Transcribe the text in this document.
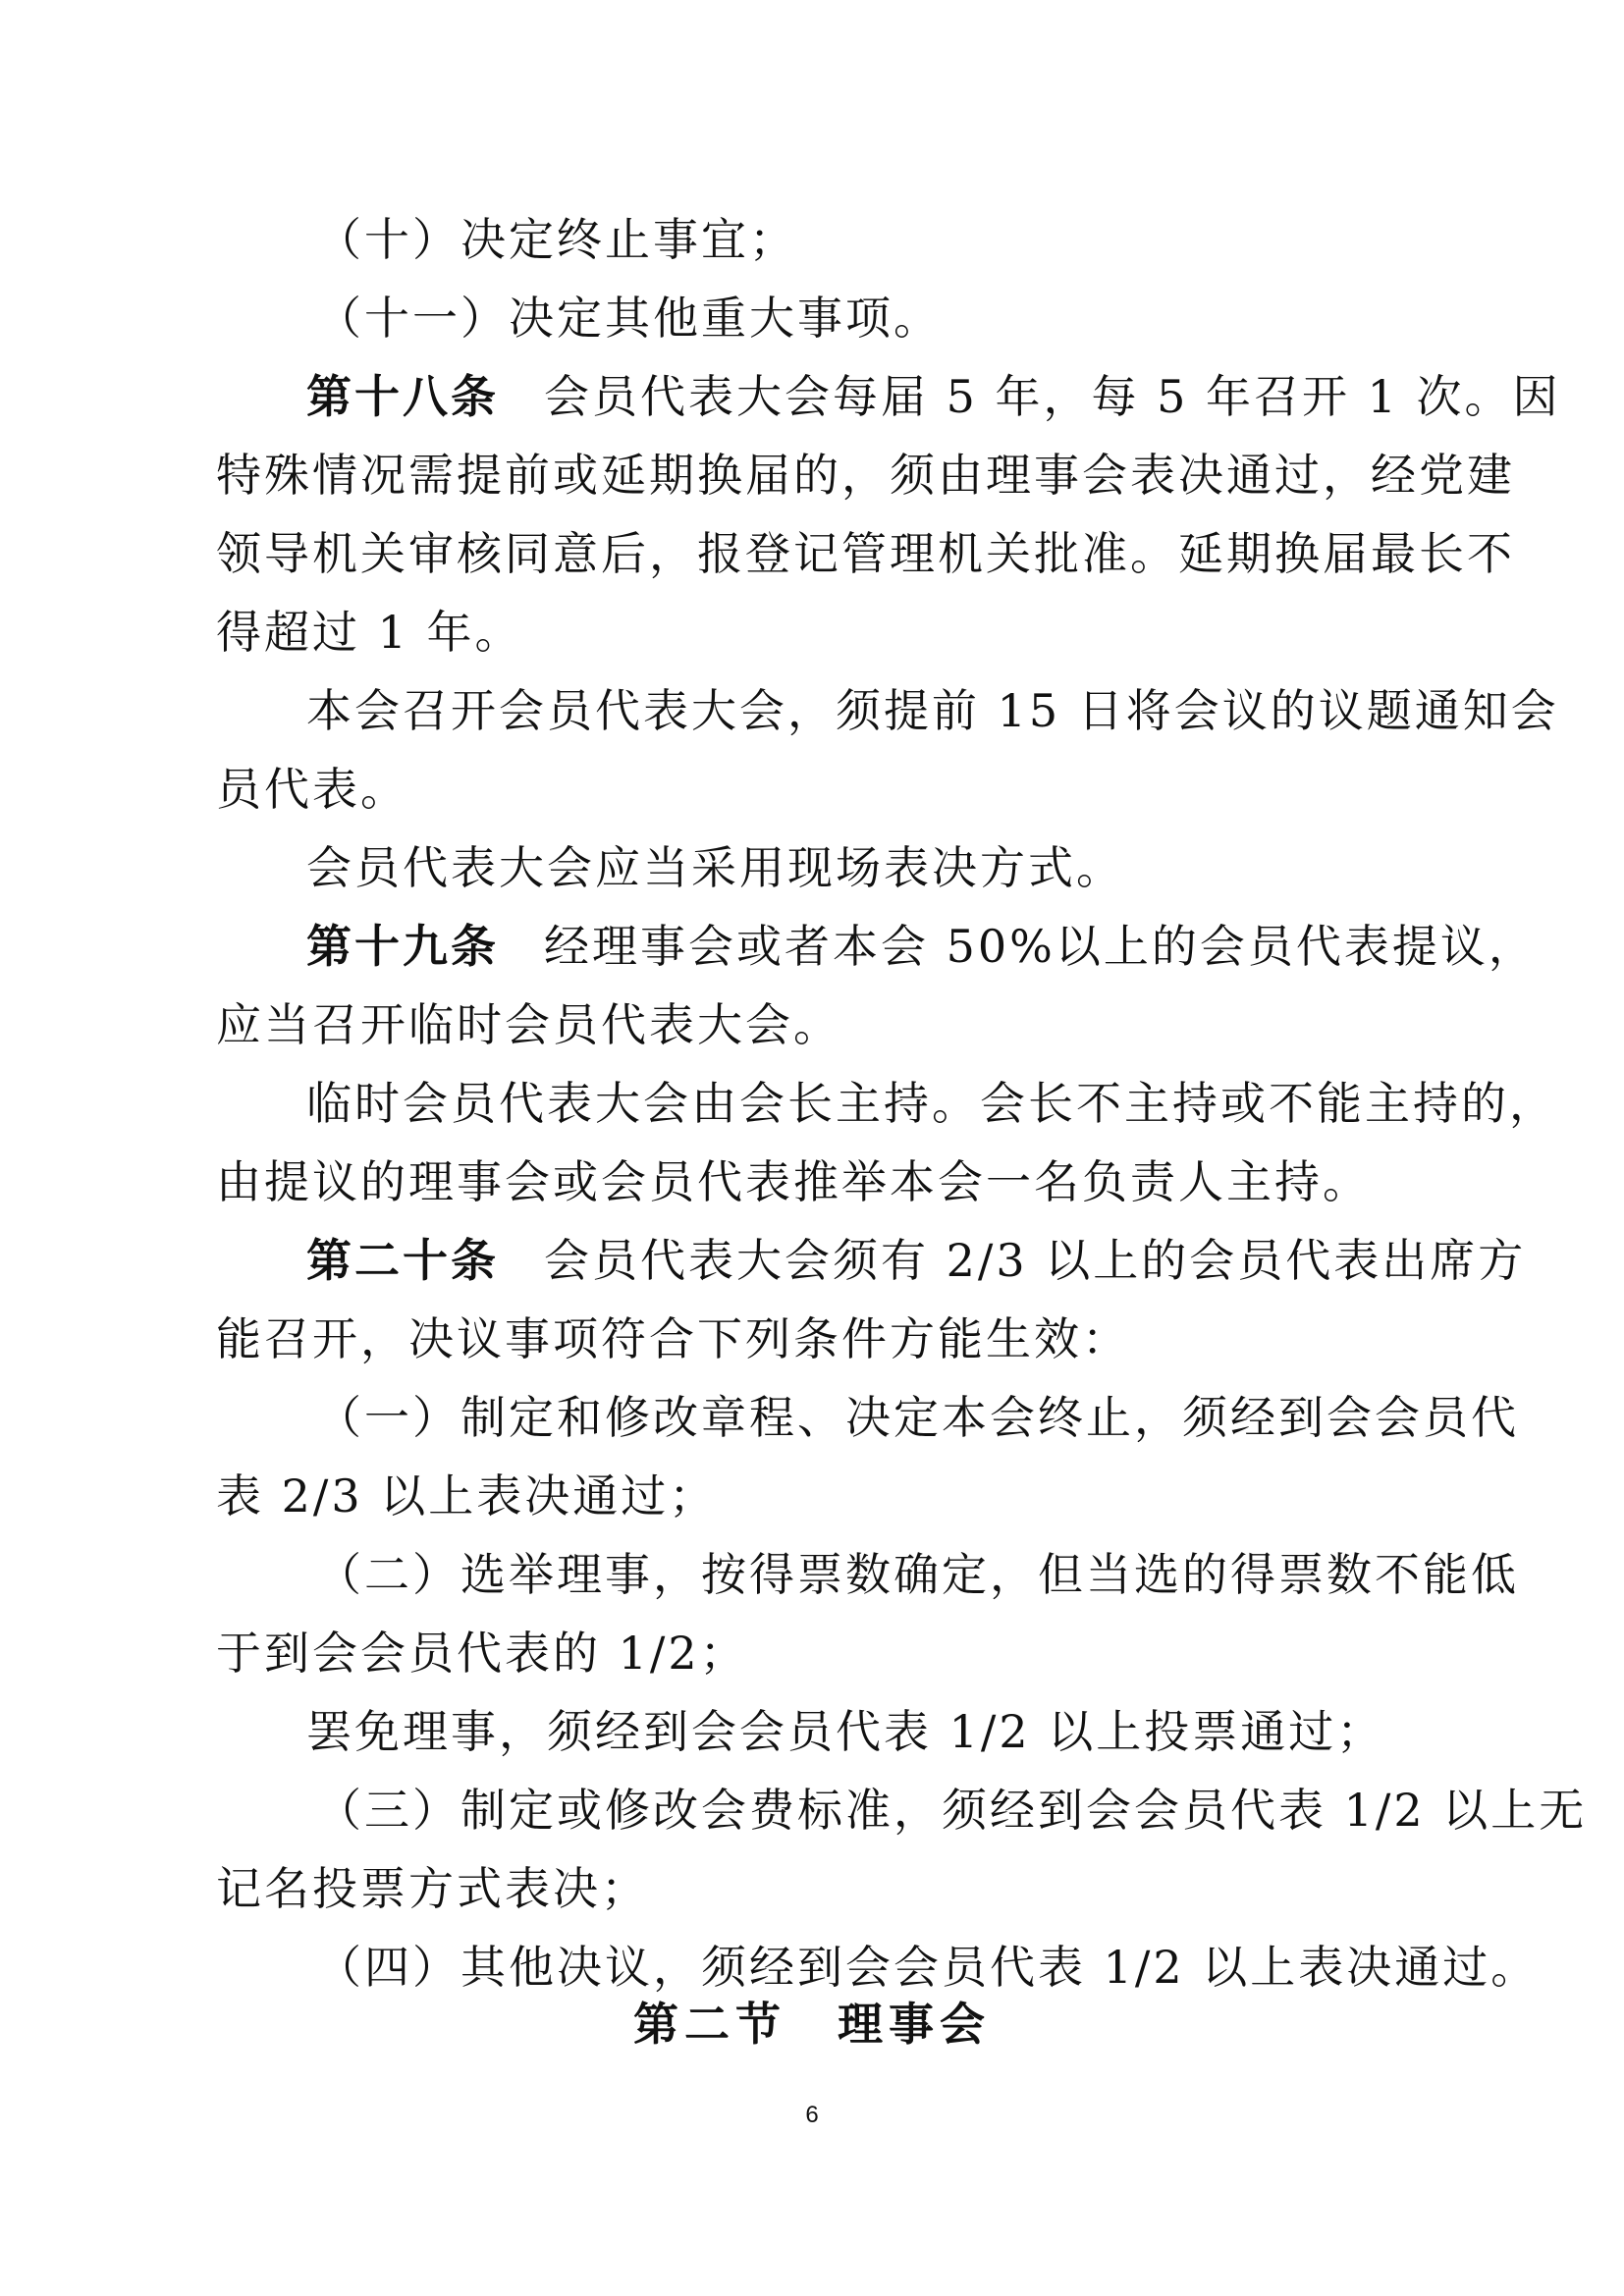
（十）决定终止事宜；
（十一）决定其他重大事项。
第十八条 会员代表大会每届 5 年，每 5 年召开 1 次。因
特殊情况需提前或延期换届的，须由理事会表决通过，经党建
领导机关审核同意后，报登记管理机关批准。延期换届最长不
得超过 1 年。
本会召开会员代表大会，须提前 15 日将会议的议题通知会
员代表。
会员代表大会应当采用现场表决方式。
第十九条 经理事会或者本会 50%以上的会员代表提议，
应当召开临时会员代表大会。
临时会员代表大会由会长主持。会长不主持或不能主持的，
由提议的理事会或会员代表推举本会一名负责人主持。
第二十条 会员代表大会须有 2/3 以上的会员代表出席方
能召开，决议事项符合下列条件方能生效：
（一）制定和修改章程、决定本会终止，须经到会会员代
表 2/3 以上表决通过；
（二）选举理事，按得票数确定，但当选的得票数不能低
于到会会员代表的 1/2；
罢免理事，须经到会会员代表 1/2 以上投票通过；
（三）制定或修改会费标准，须经到会会员代表 1/2 以上无
记名投票方式表决；
（四）其他决议，须经到会会员代表 1/2 以上表决通过。
第二节　理事会
6
